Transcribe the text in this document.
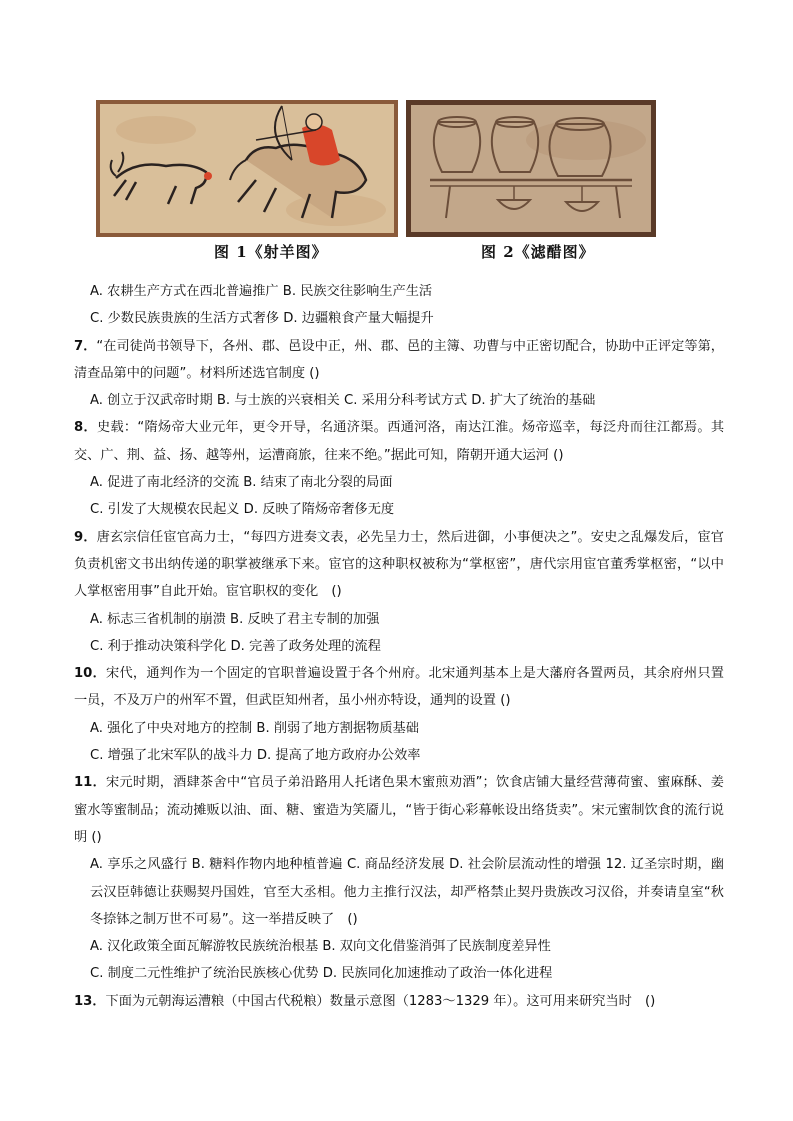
图 1《射羊图》	图 2《滤醋图》

A. 农耕生产方式在西北普遍推广 B. 民族交往影响生产生活

C. 少数民族贵族的生活方式奢侈 D. 边疆粮食产量大幅提升

7．“在司徒尚书领导下，各州、郡、邑设中正，州、郡、邑的主簿、功曹与中正密切配合，协助中正评定等第，清查品第中的问题”。材料所述选官制度 ()

A. 创立于汉武帝时期 B. 与士族的兴衰相关 C. 采用分科考试方式 D. 扩大了统治的基础

8．史载：“隋炀帝大业元年，更令开导，名通济渠。西通河洛，南达江淮。炀帝巡幸，每泛舟而往江都焉。其交、广、荆、益、扬、越等州，运漕商旅，往来不绝。”据此可知，隋朝开通大运河 ()

A. 促进了南北经济的交流 B. 结束了南北分裂的局面

C. 引发了大规模农民起义 D. 反映了隋炀帝奢侈无度

9．唐玄宗信任宦官高力士，“每四方进奏文表，必先呈力士，然后进御，小事便决之”。安史之乱爆发后，宦官负责机密文书出纳传递的职掌被继承下来。宦官的这种职权被称为“掌枢密”，唐代宗用宦官董秀掌枢密，“以中人掌枢密用事”自此开始。宦官职权的变化　()

A. 标志三省机制的崩溃 B. 反映了君主专制的加强

C. 利于推动决策科学化 D. 完善了政务处理的流程

10．宋代，通判作为一个固定的官职普遍设置于各个州府。北宋通判基本上是大藩府各置两员，其余府州只置一员，不及万户的州军不置，但武臣知州者，虽小州亦特设，通判的设置 ()

A. 强化了中央对地方的控制 B. 削弱了地方割据物质基础

C. 增强了北宋军队的战斗力 D. 提高了地方政府办公效率

11．宋元时期，酒肆茶舍中“官员子弟沿路用人托诸色果木蜜煎劝酒”；饮食店铺大量经营薄荷蜜、蜜麻酥、姜蜜水等蜜制品；流动摊贩以油、面、糖、蜜造为笑靥儿，“皆于街心彩幕帐设出络货卖”。宋元蜜制饮食的流行说明 ()

A. 享乐之风盛行 B. 糖料作物内地种植普遍 C. 商品经济发展 D. 社会阶层流动性的增强 12. 辽圣宗时期，幽云汉臣韩德让获赐契丹国姓，官至大丞相。他力主推行汉法，却严格禁止契丹贵族改习汉俗，并奏请皇室“秋冬捺钵之制万世不可易”。这一举措反映了　()

A. 汉化政策全面瓦解游牧民族统治根基 B. 双向文化借鉴消弭了民族制度差异性

C. 制度二元性维护了统治民族核心优势 D. 民族同化加速推动了政治一体化进程

13．下面为元朝海运漕粮（中国古代税粮）数量示意图（1283～1329 年）。这可用来研究当时　()
